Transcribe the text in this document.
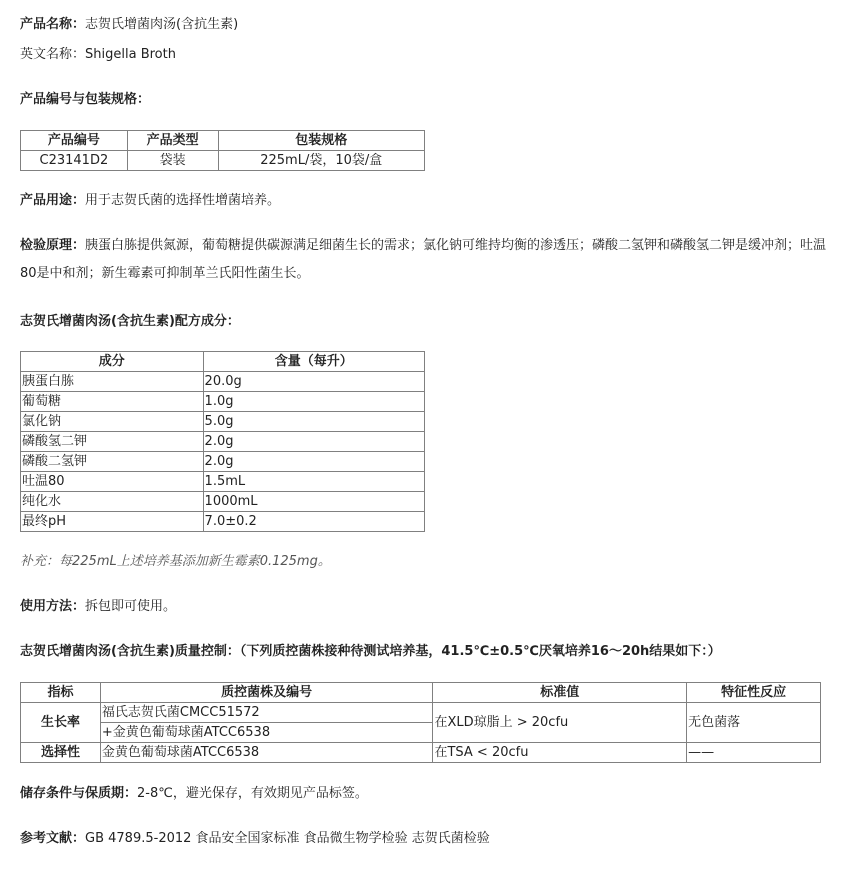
产品名称：志贺氏增菌肉汤(含抗生素)
英文名称：Shigella Broth
产品编号与包装规格：
产品编号	产品类型	包装规格
C23141D2	袋装	225mL/袋，10袋/盒
产品用途：用于志贺氏菌的选择性增菌培养。
检验原理：胰蛋白胨提供氮源，葡萄糖提供碳源满足细菌生长的需求；氯化钠可维持均衡的渗透压；磷酸二氢钾和磷酸氢二钾是缓冲剂；吐温80是中和剂；新生霉素可抑制革兰氏阳性菌生长。
志贺氏增菌肉汤(含抗生素)配方成分：
成分	含量（每升）
胰蛋白胨	20.0g
葡萄糖	1.0g
氯化钠	5.0g
磷酸氢二钾	2.0g
磷酸二氢钾	2.0g
吐温80	1.5mL
纯化水	1000mL
最终pH	7.0±0.2
补充：每225mL上述培养基添加新生霉素0.125mg。
使用方法：拆包即可使用。
志贺氏增菌肉汤(含抗生素)质量控制：（下列质控菌株接种待测试培养基，41.5℃±0.5℃厌氧培养16～20h结果如下：）
指标	质控菌株及编号	标准值	特征性反应
生长率	福氏志贺氏菌CMCC51572	在XLD琼脂上 > 20cfu	无色菌落
	+金黄色葡萄球菌ATCC6538		
选择性	金黄色葡萄球菌ATCC6538	在TSA < 20cfu	——
储存条件与保质期：2-8℃，避光保存，有效期见产品标签。
参考文献：GB 4789.5-2012 食品安全国家标准 食品微生物学检验 志贺氏菌检验
